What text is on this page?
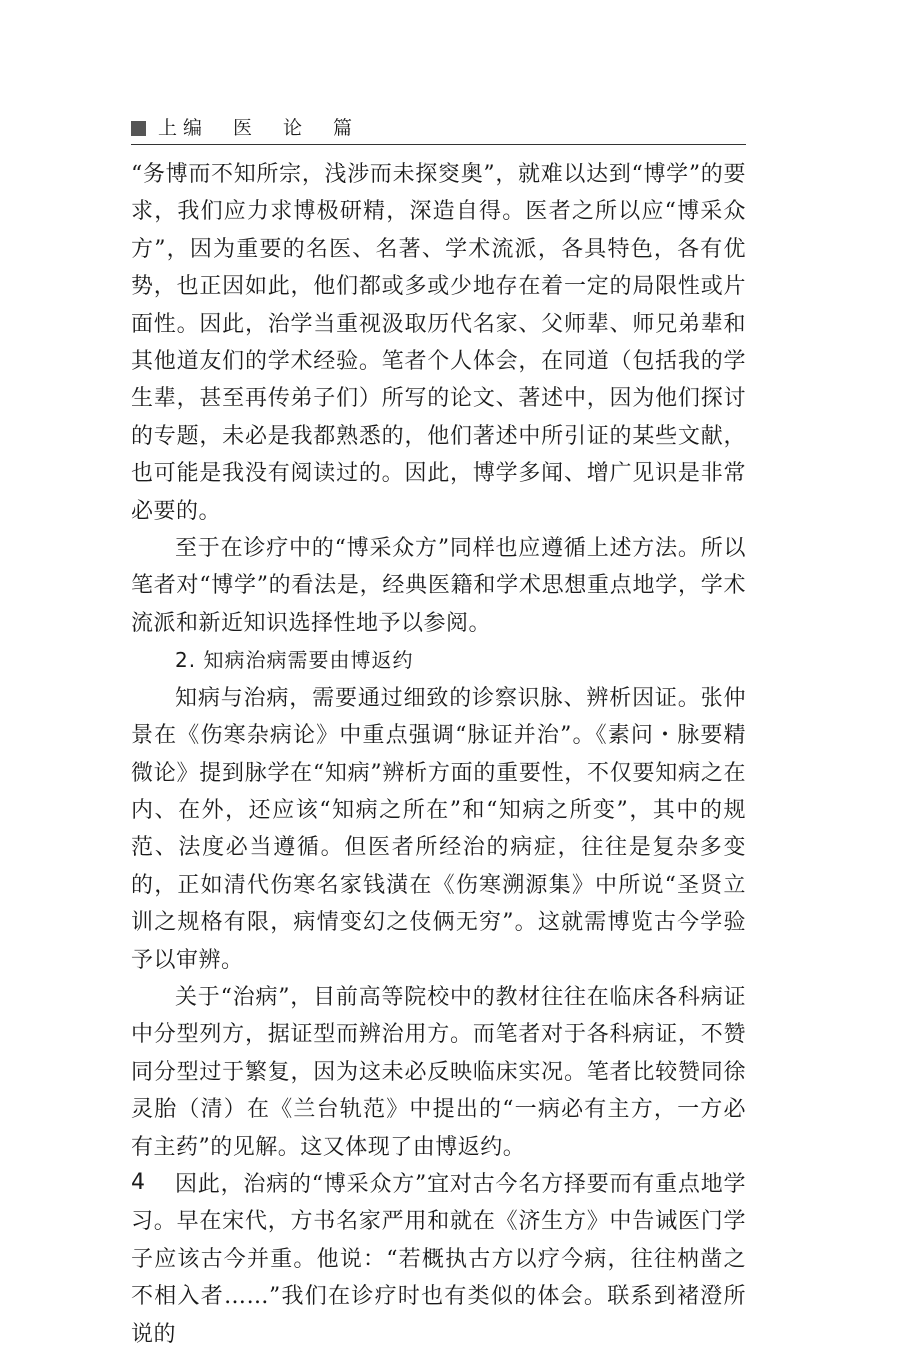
上编　医　论　篇

“务博而不知所宗，浅涉而未探窔奥”，就难以达到“博学”的要求，我们应力求博极研精，深造自得。医者之所以应“博采众方”，因为重要的名医、名著、学术流派，各具特色，各有优势，也正因如此，他们都或多或少地存在着一定的局限性或片面性。因此，治学当重视汲取历代名家、父师辈、师兄弟辈和其他道友们的学术经验。笔者个人体会，在同道（包括我的学生辈，甚至再传弟子们）所写的论文、著述中，因为他们探讨的专题，未必是我都熟悉的，他们著述中所引证的某些文献，也可能是我没有阅读过的。因此，博学多闻、增广见识是非常必要的。

至于在诊疗中的“博采众方”同样也应遵循上述方法。所以笔者对“博学”的看法是，经典医籍和学术思想重点地学，学术流派和新近知识选择性地予以参阅。

2. 知病治病需要由博返约

知病与治病，需要通过细致的诊察识脉、辨析因证。张仲景在《伤寒杂病论》中重点强调“脉证并治”。《素问・脉要精微论》提到脉学在“知病”辨析方面的重要性，不仅要知病之在内、在外，还应该“知病之所在”和“知病之所变”，其中的规范、法度必当遵循。但医者所经治的病症，往往是复杂多变的，正如清代伤寒名家钱潢在《伤寒溯源集》中所说“圣贤立训之规格有限，病情变幻之伎俩无穷”。这就需博览古今学验予以审辨。

关于“治病”，目前高等院校中的教材往往在临床各科病证中分型列方，据证型而辨治用方。而笔者对于各科病证，不赞同分型过于繁复，因为这未必反映临床实况。笔者比较赞同徐灵胎（清）在《兰台轨范》中提出的“一病必有主方，一方必有主药”的见解。这又体现了由博返约。

因此，治病的“博采众方”宜对古今名方择要而有重点地学习。早在宋代，方书名家严用和就在《济生方》中告诫医门学子应该古今并重。他说：“若概执古方以疗今病，往往枘凿之不相入者……”我们在诊疗时也有类似的体会。联系到褚澄所说的

4
